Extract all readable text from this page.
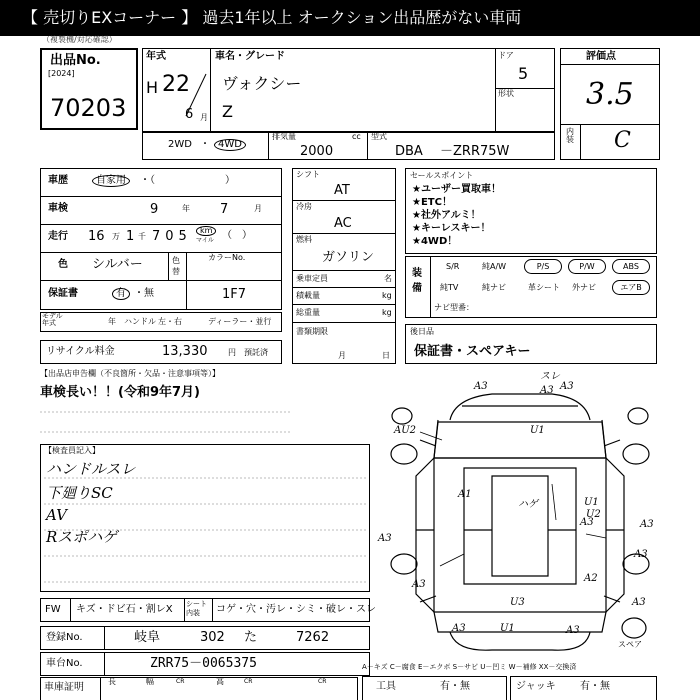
【 売切りEXコーナー 】 過去1年以上 オークション出品歴がない車両
（複製機/対応確認）
出品No.
[2024]
70203
年式
H 22
6 月
車名・グレード
ヴォクシー
Z
ドア
5
形状
評価点
3.5
内装 C
2WD ・ 4WD
排気量	cc
2000
型式
DBA －ZRR75W
車歴	自家用	・（　　　　　　　）
車検	9	年 7	月
走行 16 万 1 千 705	km
マイル （　）
色 シルバー	色替
カラーNo.
1F7
保証書	有 ・無
モデル年式	年 ハンドル 左・右	ディーラー・並行
リサイクル料金	13,330	円 預託済
シフト
AT
冷房
AC
燃料
ガソリン
乗車定員	名
積載量	kg
総重量	kg
書類期限
月	日
セールスポイント
★ユーザー買取車！
★ETC！
★社外アルミ！
★キーレスキー！
★4WD！
装備
S/R	純A/W	P/S	P/W	ABS
純TV	純ナビ	革シート 外ナビ	エアB
ナビ型番：
後日品
保証書・スペアキー
【出品店申告欄（不良箇所・欠品・注意事項等）】
車検長い！！(令和9年7月)
【検査員記入】
ハンドルスレ
下廻りSC
AV
Rスポハゲ
FW キズ・ドビ石・割レX シート内装	コゲ・穴・汚レ・シミ・破レ・スレ
登録No.	岐阜	302 た	7262
車台No.	ZRR75－0065375
車庫証明
長	幅	高
CR	CR	CR
A－キズ C－腐食 E－エクボ S－サビ U－凹ミ W－補修 XX－交換済
スペア
工具	有・無	ジャッキ 有・無
A3	A3
AU2	U1
A1
ハゲ
A3
U1
A3	A3
A3
U3
U1
A3
A3
A3
A3
U2
A3
A2
スレ
